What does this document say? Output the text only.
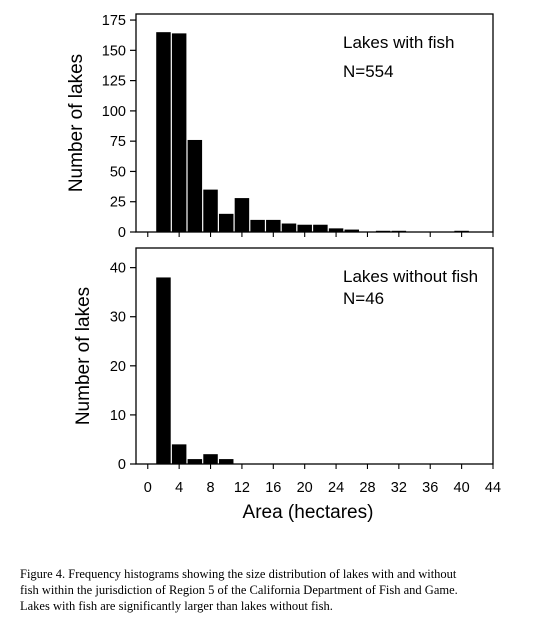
0
25
50
75
100
125
150
175
Number of lakes
Lakes with fish
N=554
0
10
20
30
40
0 4 8 12 16 20 24 28 32 36 40 44
Number of lakes
Lakes without fish
N=46
Area (hectares)
Figure 4. Frequency histograms showing the size distribution of lakes with and without
fish within the jurisdiction of Region 5 of the California Department of Fish and Game.
Lakes with fish are significantly larger than lakes without fish.
